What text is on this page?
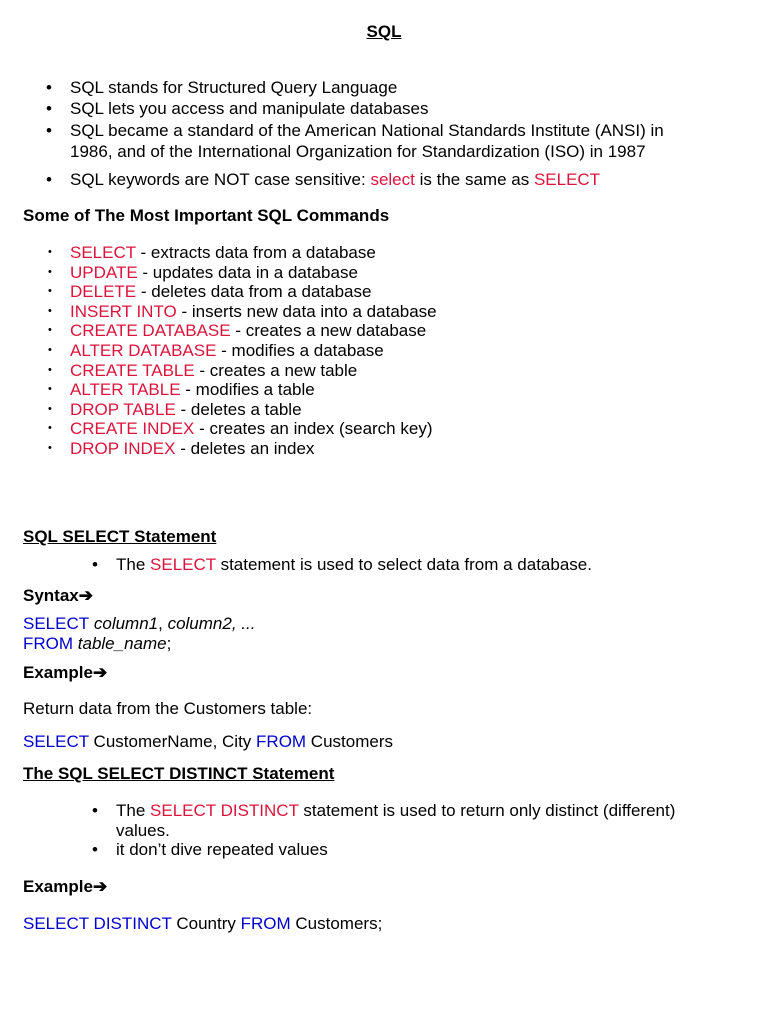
SQL
• SQL stands for Structured Query Language
• SQL lets you access and manipulate databases
• SQL became a standard of the American National Standards Institute (ANSI) in
1986, and of the International Organization for Standardization (ISO) in 1987
• SQL keywords are NOT case sensitive: select is the same as SELECT
Some of The Most Important SQL Commands
• SELECT - extracts data from a database
• UPDATE - updates data in a database
• DELETE - deletes data from a database
• INSERT INTO - inserts new data into a database
• CREATE DATABASE - creates a new database
• ALTER DATABASE - modifies a database
• CREATE TABLE - creates a new table
• ALTER TABLE - modifies a table
• DROP TABLE - deletes a table
• CREATE INDEX - creates an index (search key)
• DROP INDEX - deletes an index
SQL SELECT Statement
• The SELECT statement is used to select data from a database.
Syntax➔
SELECT column1, column2, ...
FROM table_name;
Example➔
Return data from the Customers table:
SELECT CustomerName, City FROM Customers
The SQL SELECT DISTINCT Statement
• The SELECT DISTINCT statement is used to return only distinct (different)
values.
• it don’t dive repeated values
Example➔
SELECT DISTINCT Country FROM Customers;
